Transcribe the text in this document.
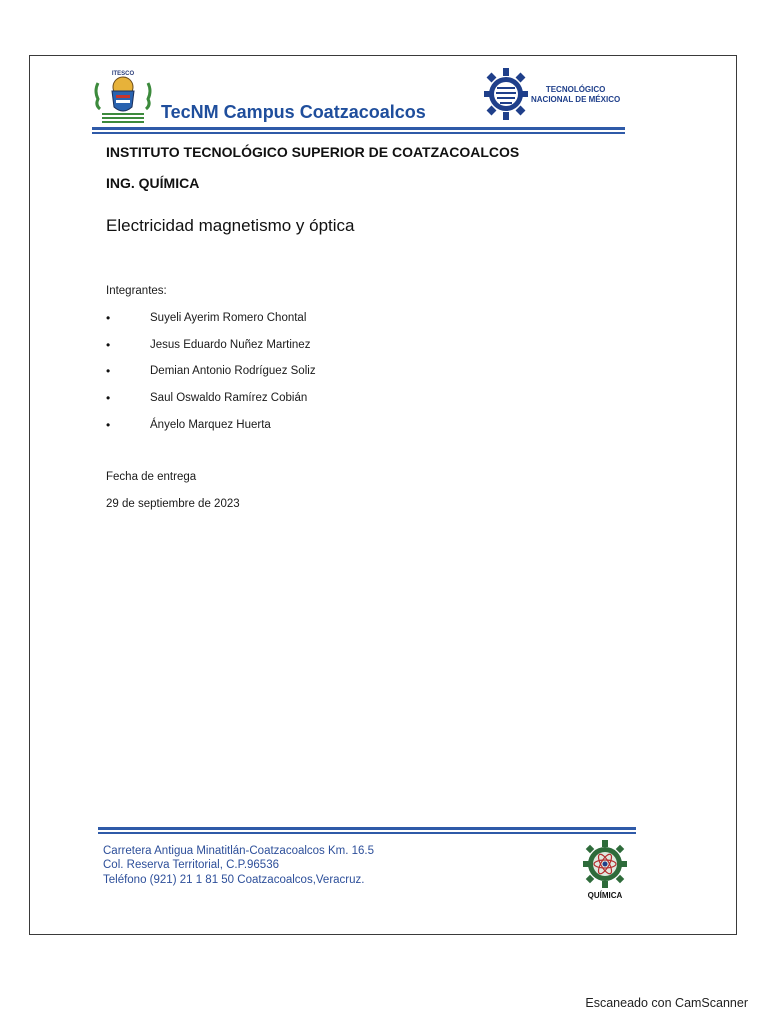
ITESCO
TecNM Campus Coatzacoalcos
TECNOLÓGICO
NACIONAL DE MÉXICO
INSTITUTO TECNOLÓGICO SUPERIOR DE COATZACOALCOS
ING. QUÍMICA
Electricidad magnetismo y óptica
Integrantes:
•	Suyeli Ayerim Romero Chontal
•	Jesus Eduardo Nuñez Martinez
•	Demian Antonio Rodríguez Soliz
•	Saul Oswaldo Ramírez Cobián
•	Ányelo Marquez Huerta
Fecha de entrega
29 de septiembre de 2023
Carretera Antigua Minatitlán-Coatzacoalcos Km. 16.5
Col. Reserva Territorial, C.P.96536
Teléfono (921) 21 1 81 50 Coatzacoalcos,Veracruz.
QUÍMICA
Escaneado con CamScanner
